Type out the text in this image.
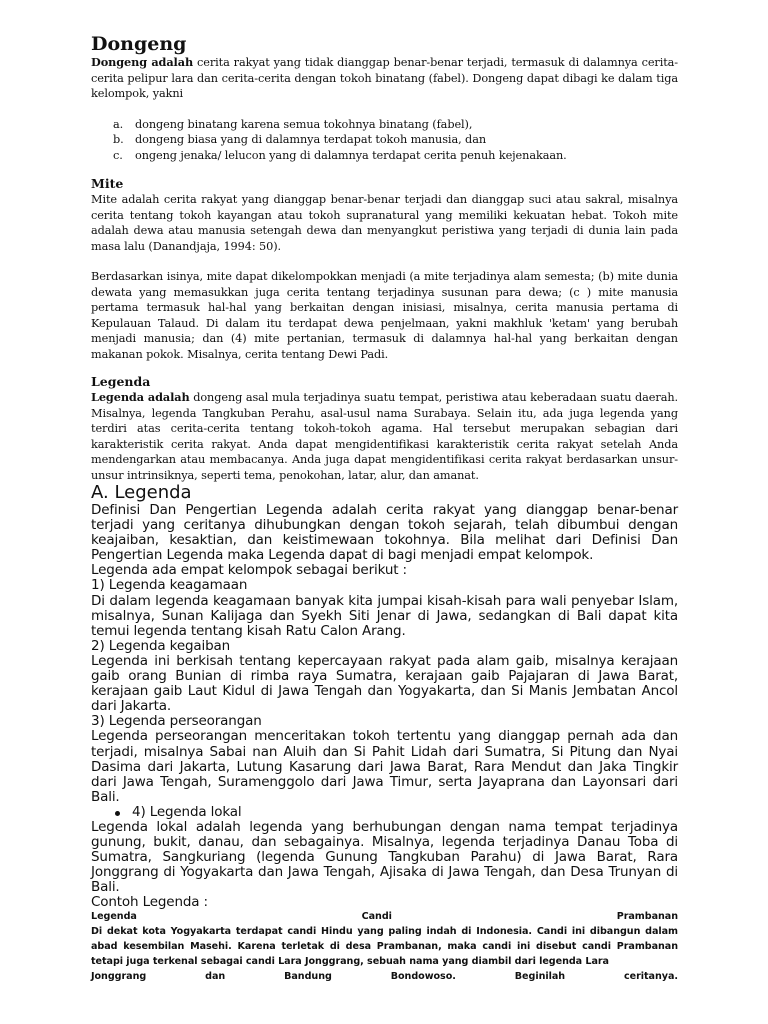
Dongeng

Dongeng adalah cerita rakyat yang tidak dianggap benar-benar terjadi, termasuk di dalamnya cerita-cerita pelipur lara dan cerita-cerita dengan tokoh binatang (fabel). Dongeng dapat dibagi ke dalam tiga kelompok, yakni

a. dongeng binatang karena semua tokohnya binatang (fabel),
b. dongeng biasa yang di dalamnya terdapat tokoh manusia, dan
c. ongeng jenaka/ lelucon yang di dalamnya terdapat cerita penuh kejenakaan.
Mite

Mite adalah cerita rakyat yang dianggap benar-benar terjadi dan dianggap suci atau sakral, misalnya cerita tentang tokoh kayangan atau tokoh supranatural yang memiliki kekuatan hebat. Tokoh mite adalah dewa atau manusia setengah dewa dan menyangkut peristiwa yang terjadi di dunia lain pada masa lalu (Danandjaja, 1994: 50).

Berdasarkan isinya, mite dapat dikelompokkan menjadi (a mite terjadinya alam semesta; (b) mite dunia dewata yang memasukkan juga cerita tentang terjadinya susunan para dewa; (c ) mite manusia pertama termasuk hal-hal yang berkaitan dengan inisiasi, misalnya, cerita manusia pertama di Kepulauan Talaud. Di dalam itu terdapat dewa penjelmaan, yakni makhluk 'ketam' yang berubah menjadi manusia; dan (4) mite pertanian, termasuk di dalamnya hal-hal yang berkaitan dengan makanan pokok. Misalnya, cerita tentang Dewi Padi.

Legenda

Legenda adalah dongeng asal mula terjadinya suatu tempat, peristiwa atau keberadaan suatu daerah. Misalnya, legenda Tangkuban Perahu, asal-usul nama Surabaya. Selain itu, ada juga legenda yang terdiri atas cerita-cerita tentang tokoh-tokoh agama. Hal tersebut merupakan sebagian dari karakteristik cerita rakyat. Anda dapat mengidentifikasi karakteristik cerita rakyat setelah Anda mendengarkan atau membacanya. Anda juga dapat mengidentifikasi cerita rakyat berdasarkan unsur-unsur intrinsiknya, seperti tema, penokohan, latar, alur, dan amanat.

A. Legenda

Definisi Dan Pengertian Legenda adalah cerita rakyat yang dianggap benar-benar terjadi yang ceritanya dihubungkan dengan tokoh sejarah, telah dibumbui dengan keajaiban, kesaktian, dan keistimewaan tokohnya. Bila melihat dari Definisi Dan Pengertian Legenda maka Legenda dapat di bagi menjadi empat kelompok.

Legenda ada empat kelompok sebagai berikut :

1) Legenda keagamaan

Di dalam legenda keagamaan banyak kita jumpai kisah-kisah para wali penyebar Islam, misalnya, Sunan Kalijaga dan Syekh Siti Jenar di Jawa, sedangkan di Bali dapat kita temui legenda tentang kisah Ratu Calon Arang.

2) Legenda kegaiban

Legenda ini berkisah tentang kepercayaan rakyat pada alam gaib, misalnya kerajaan gaib orang Bunian di rimba raya Sumatra, kerajaan gaib Pajajaran di Jawa Barat, kerajaan gaib Laut Kidul di Jawa Tengah dan Yogyakarta, dan Si Manis Jembatan Ancol dari Jakarta.

3) Legenda perseorangan

Legenda perseorangan menceritakan tokoh tertentu yang dianggap pernah ada dan terjadi, misalnya Sabai nan Aluih dan Si Pahit Lidah dari Sumatra, Si Pitung dan Nyai Dasima dari Jakarta, Lutung Kasarung dari Jawa Barat, Rara Mendut dan Jaka Tingkir dari Jawa Tengah, Suramenggolo dari Jawa Timur, serta Jayaprana dan Layonsari dari Bali.

4) Legenda lokal

Legenda lokal adalah legenda yang berhubungan dengan nama tempat terjadinya gunung, bukit, danau, dan sebagainya. Misalnya, legenda terjadinya Danau Toba di Sumatra, Sangkuriang (legenda Gunung Tangkuban Parahu) di Jawa Barat, Rara Jonggrang di Yogyakarta dan Jawa Tengah, Ajisaka di Jawa Tengah, dan Desa Trunyan di Bali.

Contoh Legenda :

Legenda	Candi	Prambanan

Di dekat kota Yogyakarta terdapat candi Hindu yang paling indah di Indonesia. Candi ini dibangun dalam abad kesembilan Masehi. Karena terletak di desa Prambanan, maka candi ini disebut candi Prambanan tetapi juga terkenal sebagai candi Lara Jonggrang, sebuah nama yang diambil dari legenda Lara

Jonggrang	dan	Bandung	Bondowoso.	Beginilah	ceritanya.
